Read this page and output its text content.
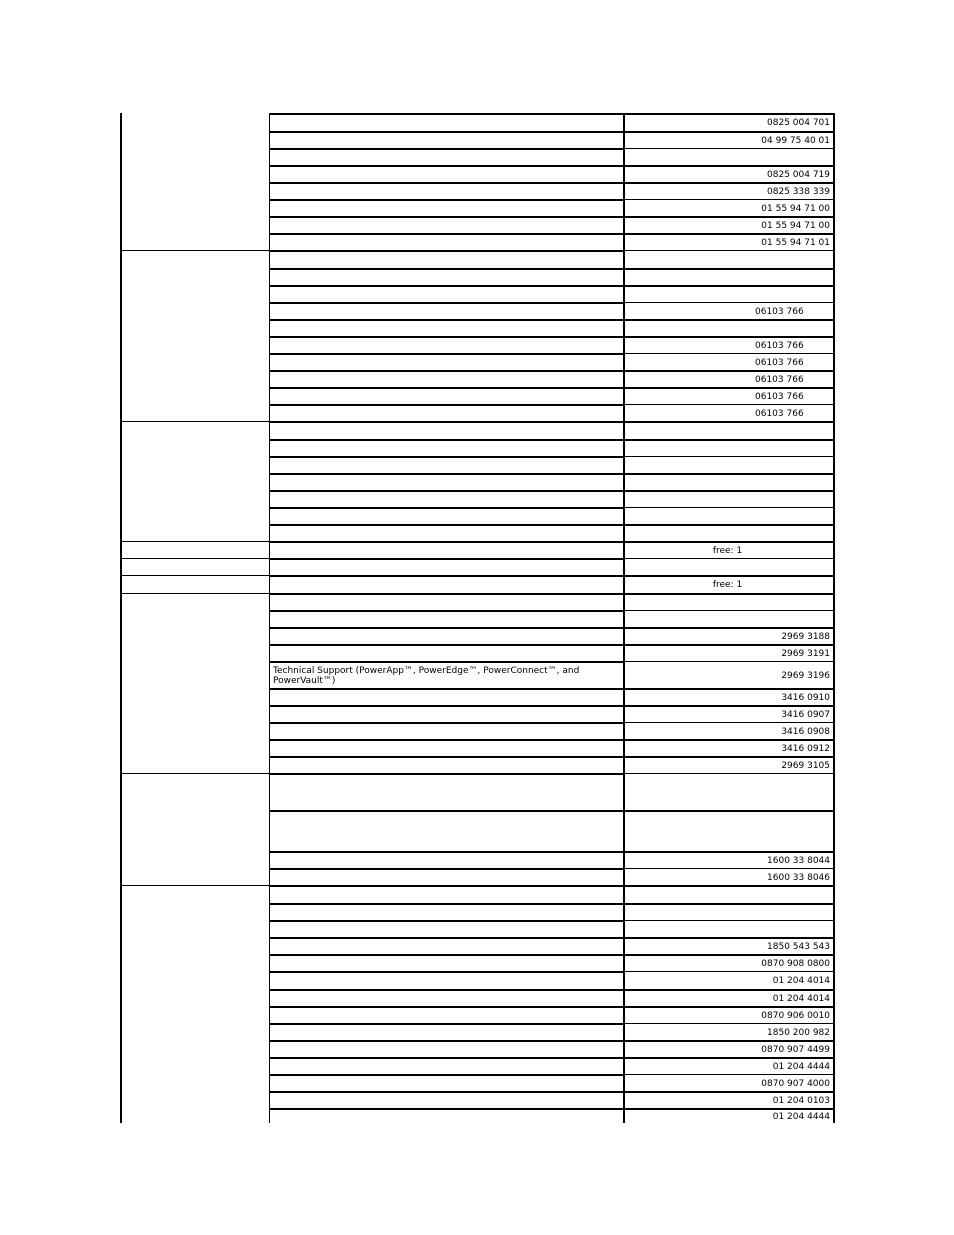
0825 004 701
04 99 75 40 01
0825 004 719
0825 338 339
01 55 94 71 00
01 55 94 71 00
01 55 94 71 01
06103 766
06103 766
06103 766
06103 766
06103 766
06103 766
free: 1
free: 1
2969 3188
2969 3191
2969 3196
Technical Support (PowerApp™, PowerEdge™, PowerConnect™, and PowerVault™)
3416 0910
3416 0907
3416 0908
3416 0912
2969 3105
1600 33 8044
1600 33 8046
1850 543 543
0870 908 0800
01 204 4014
01 204 4014
0870 906 0010
1850 200 982
0870 907 4499
01 204 4444
0870 907 4000
01 204 0103
01 204 4444
